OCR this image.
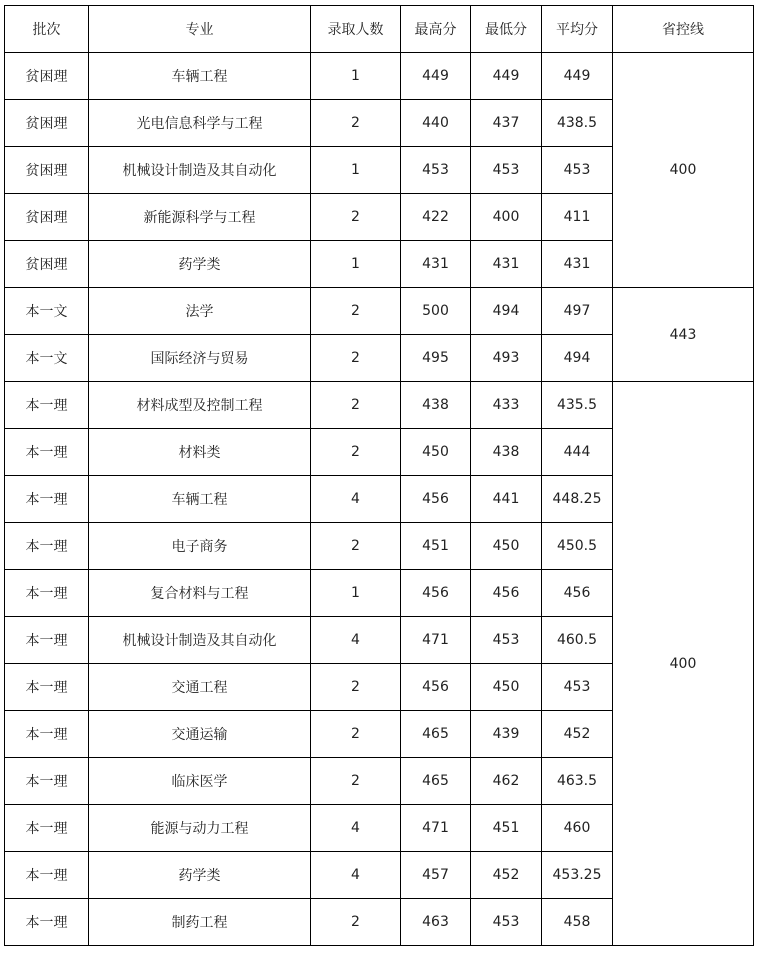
批次	专业	录取人数	最高分	最低分	平均分	省控线
贫困理	车辆工程	1	449	449	449	400
贫困理	光电信息科学与工程	2	440	437	438.5	
贫困理	机械设计制造及其自动化	1	453	453	453	
贫困理	新能源科学与工程	2	422	400	411	
贫困理	药学类	1	431	431	431	
本一文	法学	2	500	494	497	443
本一文	国际经济与贸易	2	495	493	494	
本一理	材料成型及控制工程	2	438	433	435.5	400
本一理	材料类	2	450	438	444	
本一理	车辆工程	4	456	441	448.25	
本一理	电子商务	2	451	450	450.5	
本一理	复合材料与工程	1	456	456	456	
本一理	机械设计制造及其自动化	4	471	453	460.5	
本一理	交通工程	2	456	450	453	
本一理	交通运输	2	465	439	452	
本一理	临床医学	2	465	462	463.5	
本一理	能源与动力工程	4	471	451	460	
本一理	药学类	4	457	452	453.25	
本一理	制药工程	2	463	453	458	
